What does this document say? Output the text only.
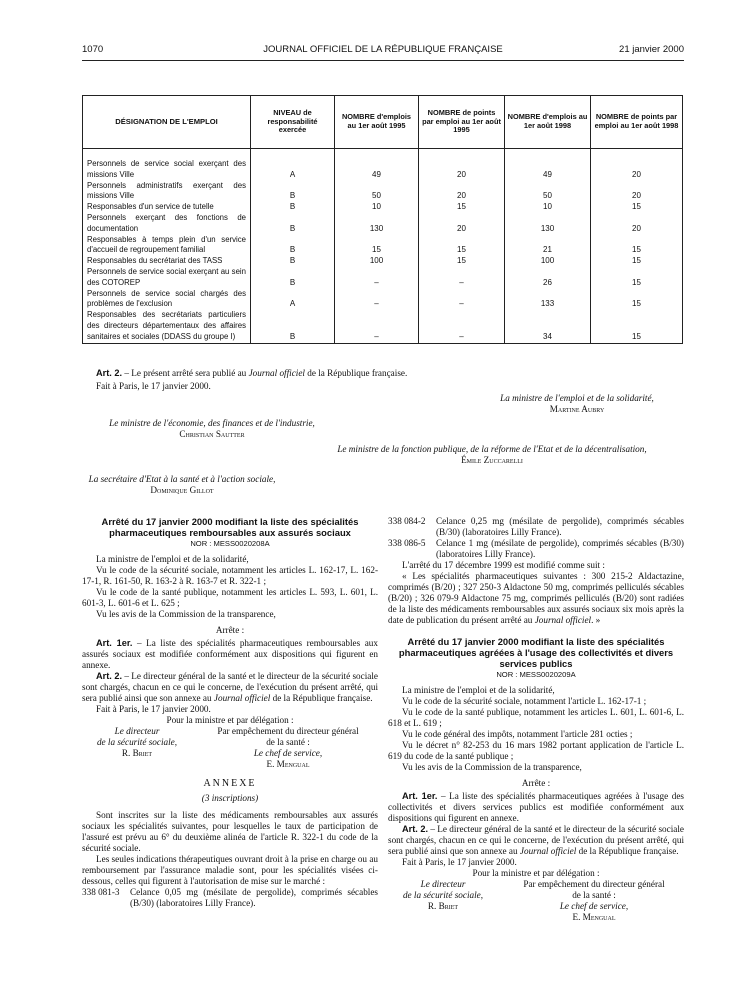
1070	JOURNAL OFFICIEL DE LA RÉPUBLIQUE FRANÇAISE	21 janvier 2000
DÉSIGNATION DE L'EMPLOI	NIVEAU de responsabilité exercée	NOMBRE d'emplois au 1er août 1995	NOMBRE de points par emploi au 1er août 1995	NOMBRE d'emplois au 1er août 1998	NOMBRE de points par emploi au 1er août 1998

Personnels de service social exerçant des missions Ville	A	49	20	49	20
Personnels administratifs exerçant des missions Ville	B	50	20	50	20
Responsables d'un service de tutelle	B	10	15	10	15
Personnels exerçant des fonctions de documentation	B	130	20	130	20
Responsables à temps plein d'un service d'accueil de regroupement familial	B	15	15	21	15
Responsables du secrétariat des TASS	B	100	15	100	15
Personnels de service social exerçant au sein des COTOREP	B	–	–	26	15
Personnels de service social chargés des problèmes de l'exclusion	A	–	–	133	15
Responsables des secrétariats particuliers des directeurs départementaux des affaires sanitaires et sociales (DDASS du groupe I)	B	–	–	34	15

Art. 2. – Le présent arrêté sera publié au Journal officiel de la République française.

Fait à Paris, le 17 janvier 2000.

La ministre de l'emploi et de la solidarité,
Martine Aubry
Le ministre de l'économie, des finances et de l'industrie,
Christian Sautter
Le ministre de la fonction publique, de la réforme de l'Etat et de la décentralisation,
Émile Zuccarelli
La secrétaire d'Etat à la santé et à l'action sociale,
Dominique Gillot

Arrêté du 17 janvier 2000 modifiant la liste des spécialités pharmaceutiques remboursables aux assurés sociaux

NOR : MESS0020208A

La ministre de l'emploi et de la solidarité,

Vu le code de la sécurité sociale, notamment les articles L. 162-17, L. 162-17-1, R. 161-50, R. 163-2 à R. 163-7 et R. 322-1 ;

Vu le code de la santé publique, notamment les articles L. 593, L. 601, L. 601-3, L. 601-6 et L. 625 ;

Vu les avis de la Commission de la transparence,

Arrête :

Art. 1er. – La liste des spécialités pharmaceutiques remboursables aux assurés sociaux est modifiée conformément aux dispositions qui figurent en annexe.

Art. 2. – Le directeur général de la santé et le directeur de la sécurité sociale sont chargés, chacun en ce qui le concerne, de l'exécution du présent arrêté, qui sera publié ainsi que son annexe au Journal officiel de la République française.

Fait à Paris, le 17 janvier 2000.

Pour la ministre et par délégation :

Le directeur
de la sécurité sociale,
R. Briet
Par empêchement du directeur général
de la santé :
Le chef de service,
E. Mengual

ANNEXE

(3 inscriptions)

Sont inscrites sur la liste des médicaments remboursables aux assurés sociaux les spécialités suivantes, pour lesquelles le taux de participation de l'assuré est prévu au 6° du deuxième alinéa de l'article R. 322-1 du code de la sécurité sociale.

Les seules indications thérapeutiques ouvrant droit à la prise en charge ou au remboursement par l'assurance maladie sont, pour les spécialités visées ci-dessous, celles qui figurent à l'autorisation de mise sur le marché :

338 081-3	Celance 0,05 mg (mésilate de pergolide), comprimés sécables (B/30) (laboratoires Lilly France).
338 084-2	Celance 0,25 mg (mésilate de pergolide), comprimés sécables (B/30) (laboratoires Lilly France).
338 086-5	Celance 1 mg (mésilate de pergolide), comprimés sécables (B/30) (laboratoires Lilly France).

L'arrêté du 17 décembre 1999 est modifié comme suit :

« Les spécialités pharmaceutiques suivantes : 300 215-2 Aldactazine, comprimés (B/20) ; 327 250-3 Aldactone 50 mg, comprimés pelliculés sécables (B/20) ; 326 079-9 Aldactone 75 mg, comprimés pelliculés (B/20) sont radiées de la liste des médicaments remboursables aux assurés sociaux six mois après la date de publication du présent arrêté au Journal officiel. »

Arrêté du 17 janvier 2000 modifiant la liste des spécialités pharmaceutiques agréées à l'usage des collectivités et divers services publics

NOR : MESS0020209A

La ministre de l'emploi et de la solidarité,

Vu le code de la sécurité sociale, notamment l'article L. 162-17-1 ;

Vu le code de la santé publique, notamment les articles L. 601, L. 601-6, L. 618 et L. 619 ;

Vu le code général des impôts, notamment l'article 281 octies ;

Vu le décret n° 82-253 du 16 mars 1982 portant application de l'article L. 619 du code de la santé publique ;

Vu les avis de la Commission de la transparence,

Arrête :

Art. 1er. – La liste des spécialités pharmaceutiques agréées à l'usage des collectivités et divers services publics est modifiée conformément aux dispositions qui figurent en annexe.

Art. 2. – Le directeur général de la santé et le directeur de la sécurité sociale sont chargés, chacun en ce qui le concerne, de l'exécution du présent arrêté, qui sera publié ainsi que son annexe au Journal officiel de la République française.

Fait à Paris, le 17 janvier 2000.

Pour la ministre et par délégation :

Le directeur
de la sécurité sociale,
R. Briet
Par empêchement du directeur général
de la santé :
Le chef de service,
E. Mengual
